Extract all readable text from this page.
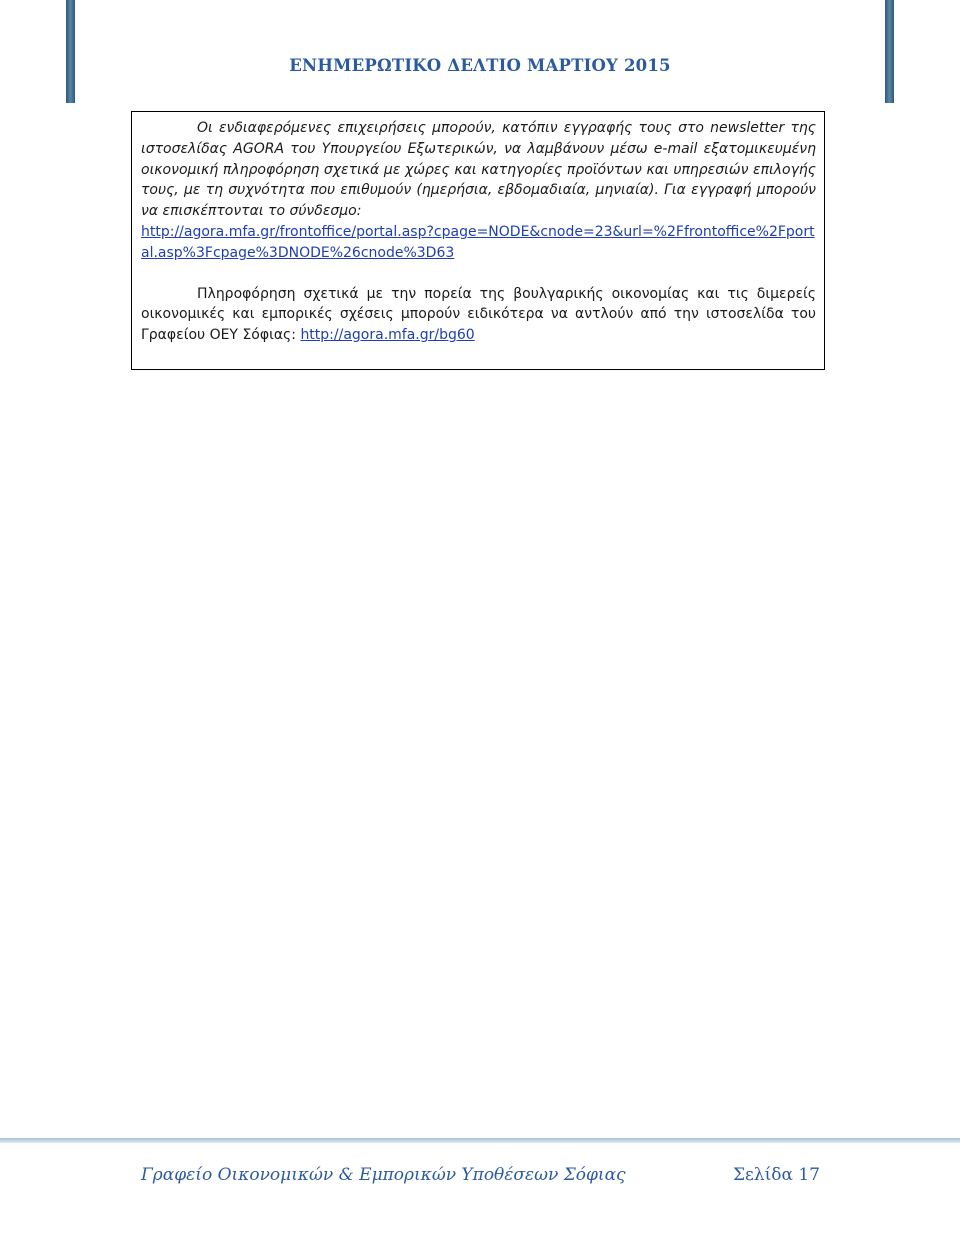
ΕΝΗΜΕΡΩΤΙΚΟ ΔΕΛΤΙΟ ΜΑΡΤΙΟΥ 2015

Οι ενδιαφερόμενες επιχειρήσεις μπορούν, κατόπιν εγγραφής τους στο newsletter της ιστοσελίδας AGORA του Υπουργείου Εξωτερικών, να λαμβάνουν μέσω e-mail εξατομικευμένη οικονομική πληροφόρηση σχετικά με χώρες και κατηγορίες προϊόντων και υπηρεσιών επιλογής τους, με τη συχνότητα που επιθυμούν (ημερήσια, εβδομαδιαία, μηνιαία). Για εγγραφή μπορούν να επισκέπτονται το σύνδεσμο:
http://agora.mfa.gr/frontoffice/portal.asp?cpage=NODE&cnode=23&url=%2Ffrontoffice%2Fportal.asp%3Fcpage%3DNODE%26cnode%3D63

Πληροφόρηση σχετικά με την πορεία της βουλγαρικής οικονομίας και τις διμερείς οικονομικές και εμπορικές σχέσεις μπορούν ειδικότερα να αντλούν από την ιστοσελίδα του Γραφείου ΟΕΥ Σόφιας: http://agora.mfa.gr/bg60

Γραφείο Οικονομικών & Εμπορικών Υποθέσεων Σόφιας	Σελίδα 17
